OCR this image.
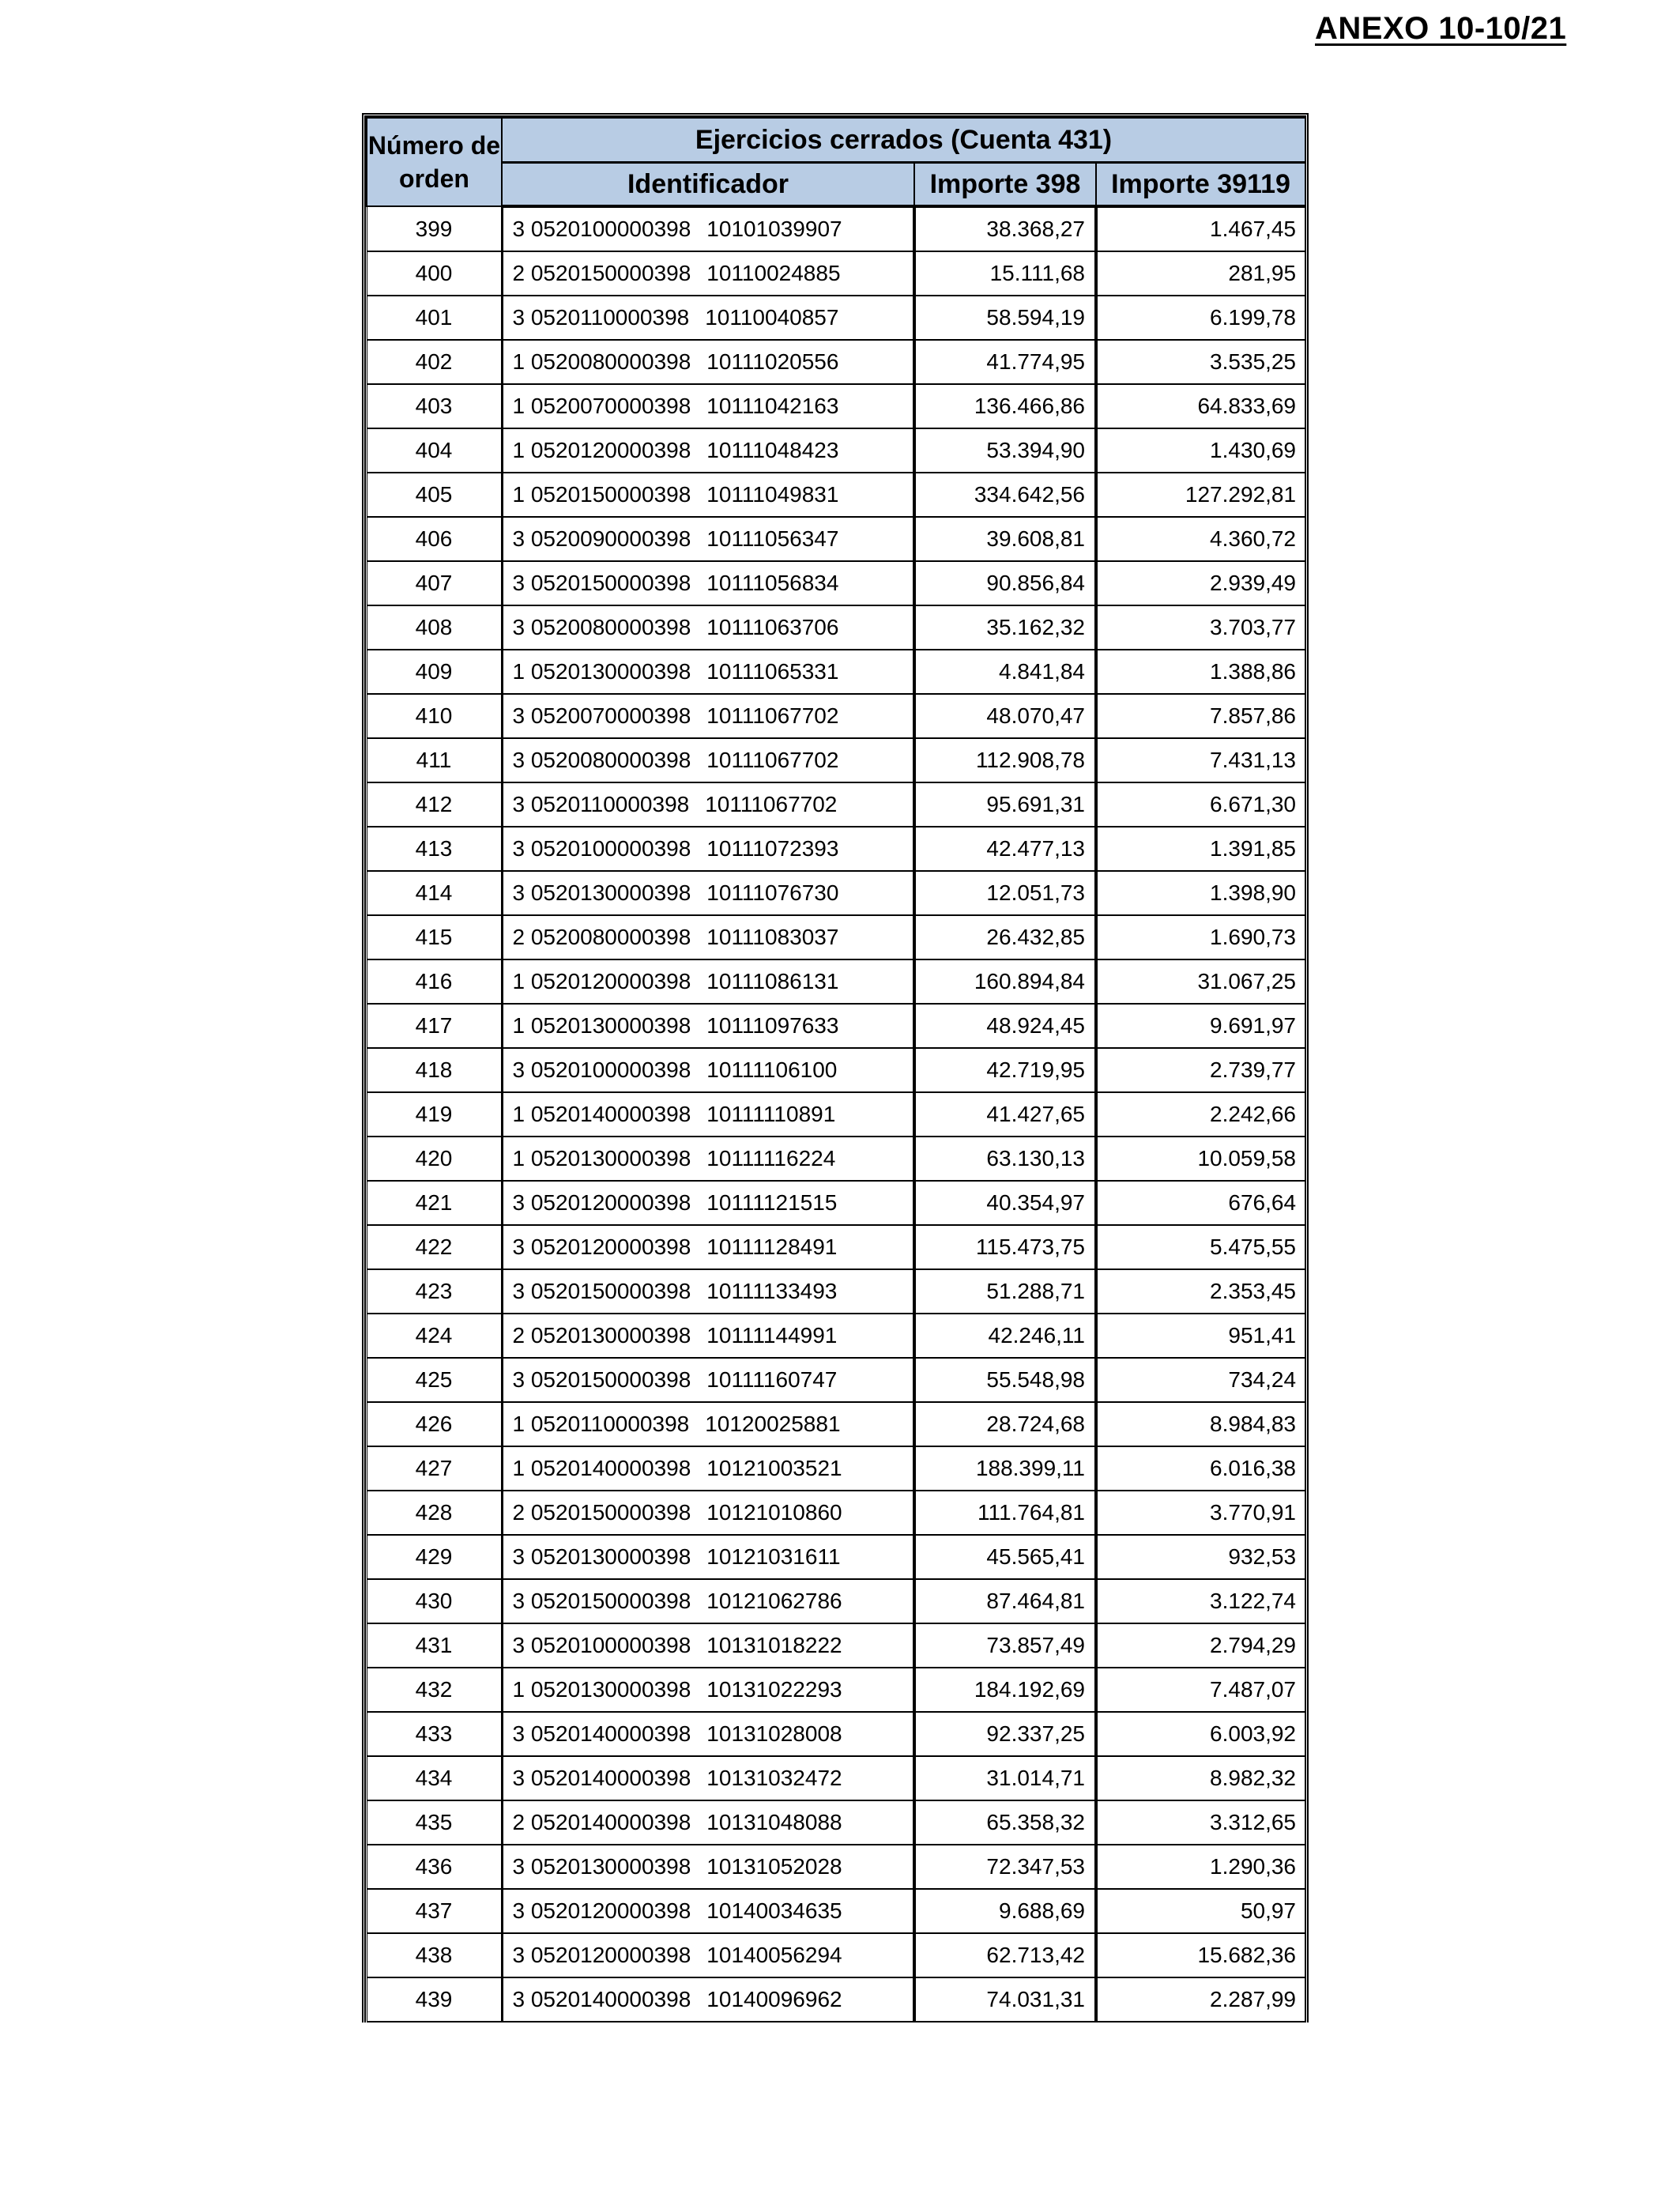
ANEXO 10-10/21
Número de orden	Ejercicios cerrados (Cuenta 431)		
	Identificador	Importe 398	Importe 39119
399	3 0520100000398 10101039907	38.368,27	1.467,45
400	2 0520150000398 10110024885	15.111,68	281,95
401	3 0520110000398 10110040857	58.594,19	6.199,78
402	1 0520080000398 10111020556	41.774,95	3.535,25
403	1 0520070000398 10111042163	136.466,86	64.833,69
404	1 0520120000398 10111048423	53.394,90	1.430,69
405	1 0520150000398 10111049831	334.642,56	127.292,81
406	3 0520090000398 10111056347	39.608,81	4.360,72
407	3 0520150000398 10111056834	90.856,84	2.939,49
408	3 0520080000398 10111063706	35.162,32	3.703,77
409	1 0520130000398 10111065331	4.841,84	1.388,86
410	3 0520070000398 10111067702	48.070,47	7.857,86
411	3 0520080000398 10111067702	112.908,78	7.431,13
412	3 0520110000398 10111067702	95.691,31	6.671,30
413	3 0520100000398 10111072393	42.477,13	1.391,85
414	3 0520130000398 10111076730	12.051,73	1.398,90
415	2 0520080000398 10111083037	26.432,85	1.690,73
416	1 0520120000398 10111086131	160.894,84	31.067,25
417	1 0520130000398 10111097633	48.924,45	9.691,97
418	3 0520100000398 10111106100	42.719,95	2.739,77
419	1 0520140000398 10111110891	41.427,65	2.242,66
420	1 0520130000398 10111116224	63.130,13	10.059,58
421	3 0520120000398 10111121515	40.354,97	676,64
422	3 0520120000398 10111128491	115.473,75	5.475,55
423	3 0520150000398 10111133493	51.288,71	2.353,45
424	2 0520130000398 10111144991	42.246,11	951,41
425	3 0520150000398 10111160747	55.548,98	734,24
426	1 0520110000398 10120025881	28.724,68	8.984,83
427	1 0520140000398 10121003521	188.399,11	6.016,38
428	2 0520150000398 10121010860	111.764,81	3.770,91
429	3 0520130000398 10121031611	45.565,41	932,53
430	3 0520150000398 10121062786	87.464,81	3.122,74
431	3 0520100000398 10131018222	73.857,49	2.794,29
432	1 0520130000398 10131022293	184.192,69	7.487,07
433	3 0520140000398 10131028008	92.337,25	6.003,92
434	3 0520140000398 10131032472	31.014,71	8.982,32
435	2 0520140000398 10131048088	65.358,32	3.312,65
436	3 0520130000398 10131052028	72.347,53	1.290,36
437	3 0520120000398 10140034635	9.688,69	50,97
438	3 0520120000398 10140056294	62.713,42	15.682,36
439	3 0520140000398 10140096962	74.031,31	2.287,99
